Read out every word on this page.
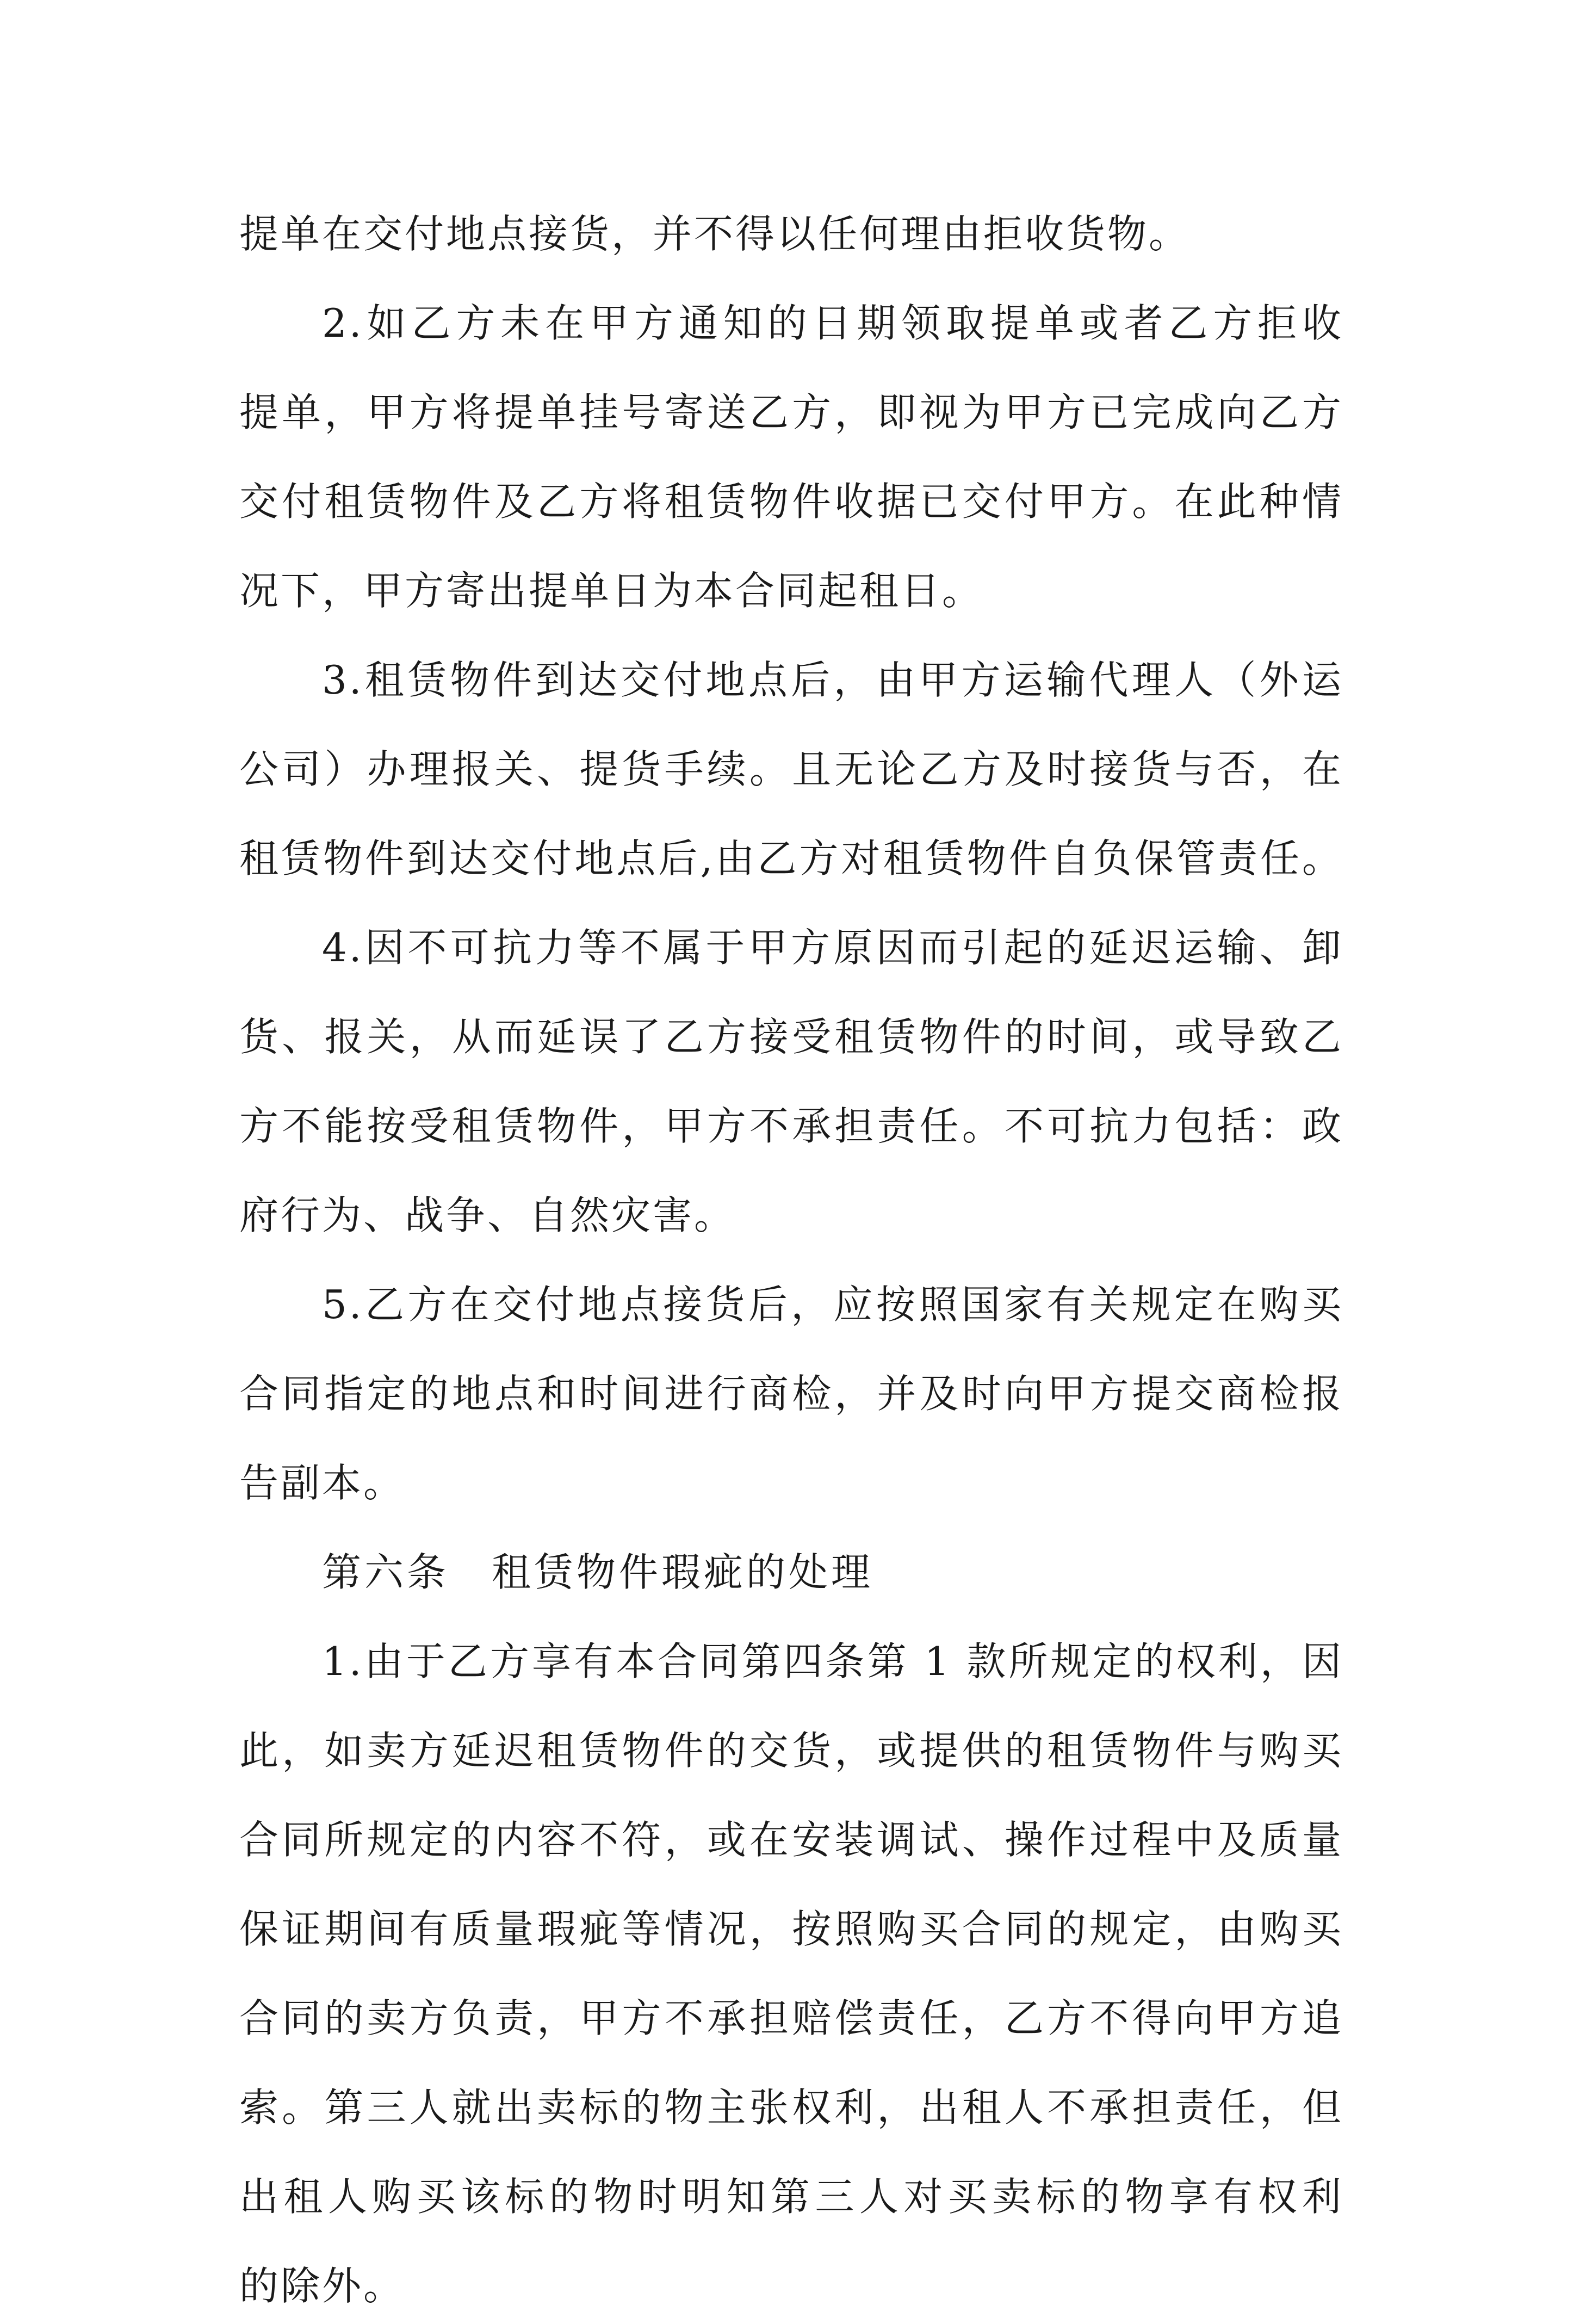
提单在交付地点接货，并不得以任何理由拒收货物。
2.如乙方未在甲方通知的日期领取提单或者乙方拒收
提单，甲方将提单挂号寄送乙方，即视为甲方已完成向乙方
交付租赁物件及乙方将租赁物件收据已交付甲方。在此种情
况下，甲方寄出提单日为本合同起租日。
3.租赁物件到达交付地点后，由甲方运输代理人（外运
公司）办理报关、提货手续。且无论乙方及时接货与否，在
租赁物件到达交付地点后,由乙方对租赁物件自负保管责任。
4.因不可抗力等不属于甲方原因而引起的延迟运输、卸
货、报关，从而延误了乙方接受租赁物件的时间，或导致乙
方不能按受租赁物件，甲方不承担责任。不可抗力包括：政
府行为、战争、自然灾害。
5.乙方在交付地点接货后，应按照国家有关规定在购买
合同指定的地点和时间进行商检，并及时向甲方提交商检报
告副本。
第六条　租赁物件瑕疵的处理
1.由于乙方享有本合同第四条第 1 款所规定的权利，因
此，如卖方延迟租赁物件的交货，或提供的租赁物件与购买
合同所规定的内容不符，或在安装调试、操作过程中及质量
保证期间有质量瑕疵等情况，按照购买合同的规定，由购买
合同的卖方负责，甲方不承担赔偿责任，乙方不得向甲方追
索。第三人就出卖标的物主张权利，出租人不承担责任，但
出租人购买该标的物时明知第三人对买卖标的物享有权利
的除外。
